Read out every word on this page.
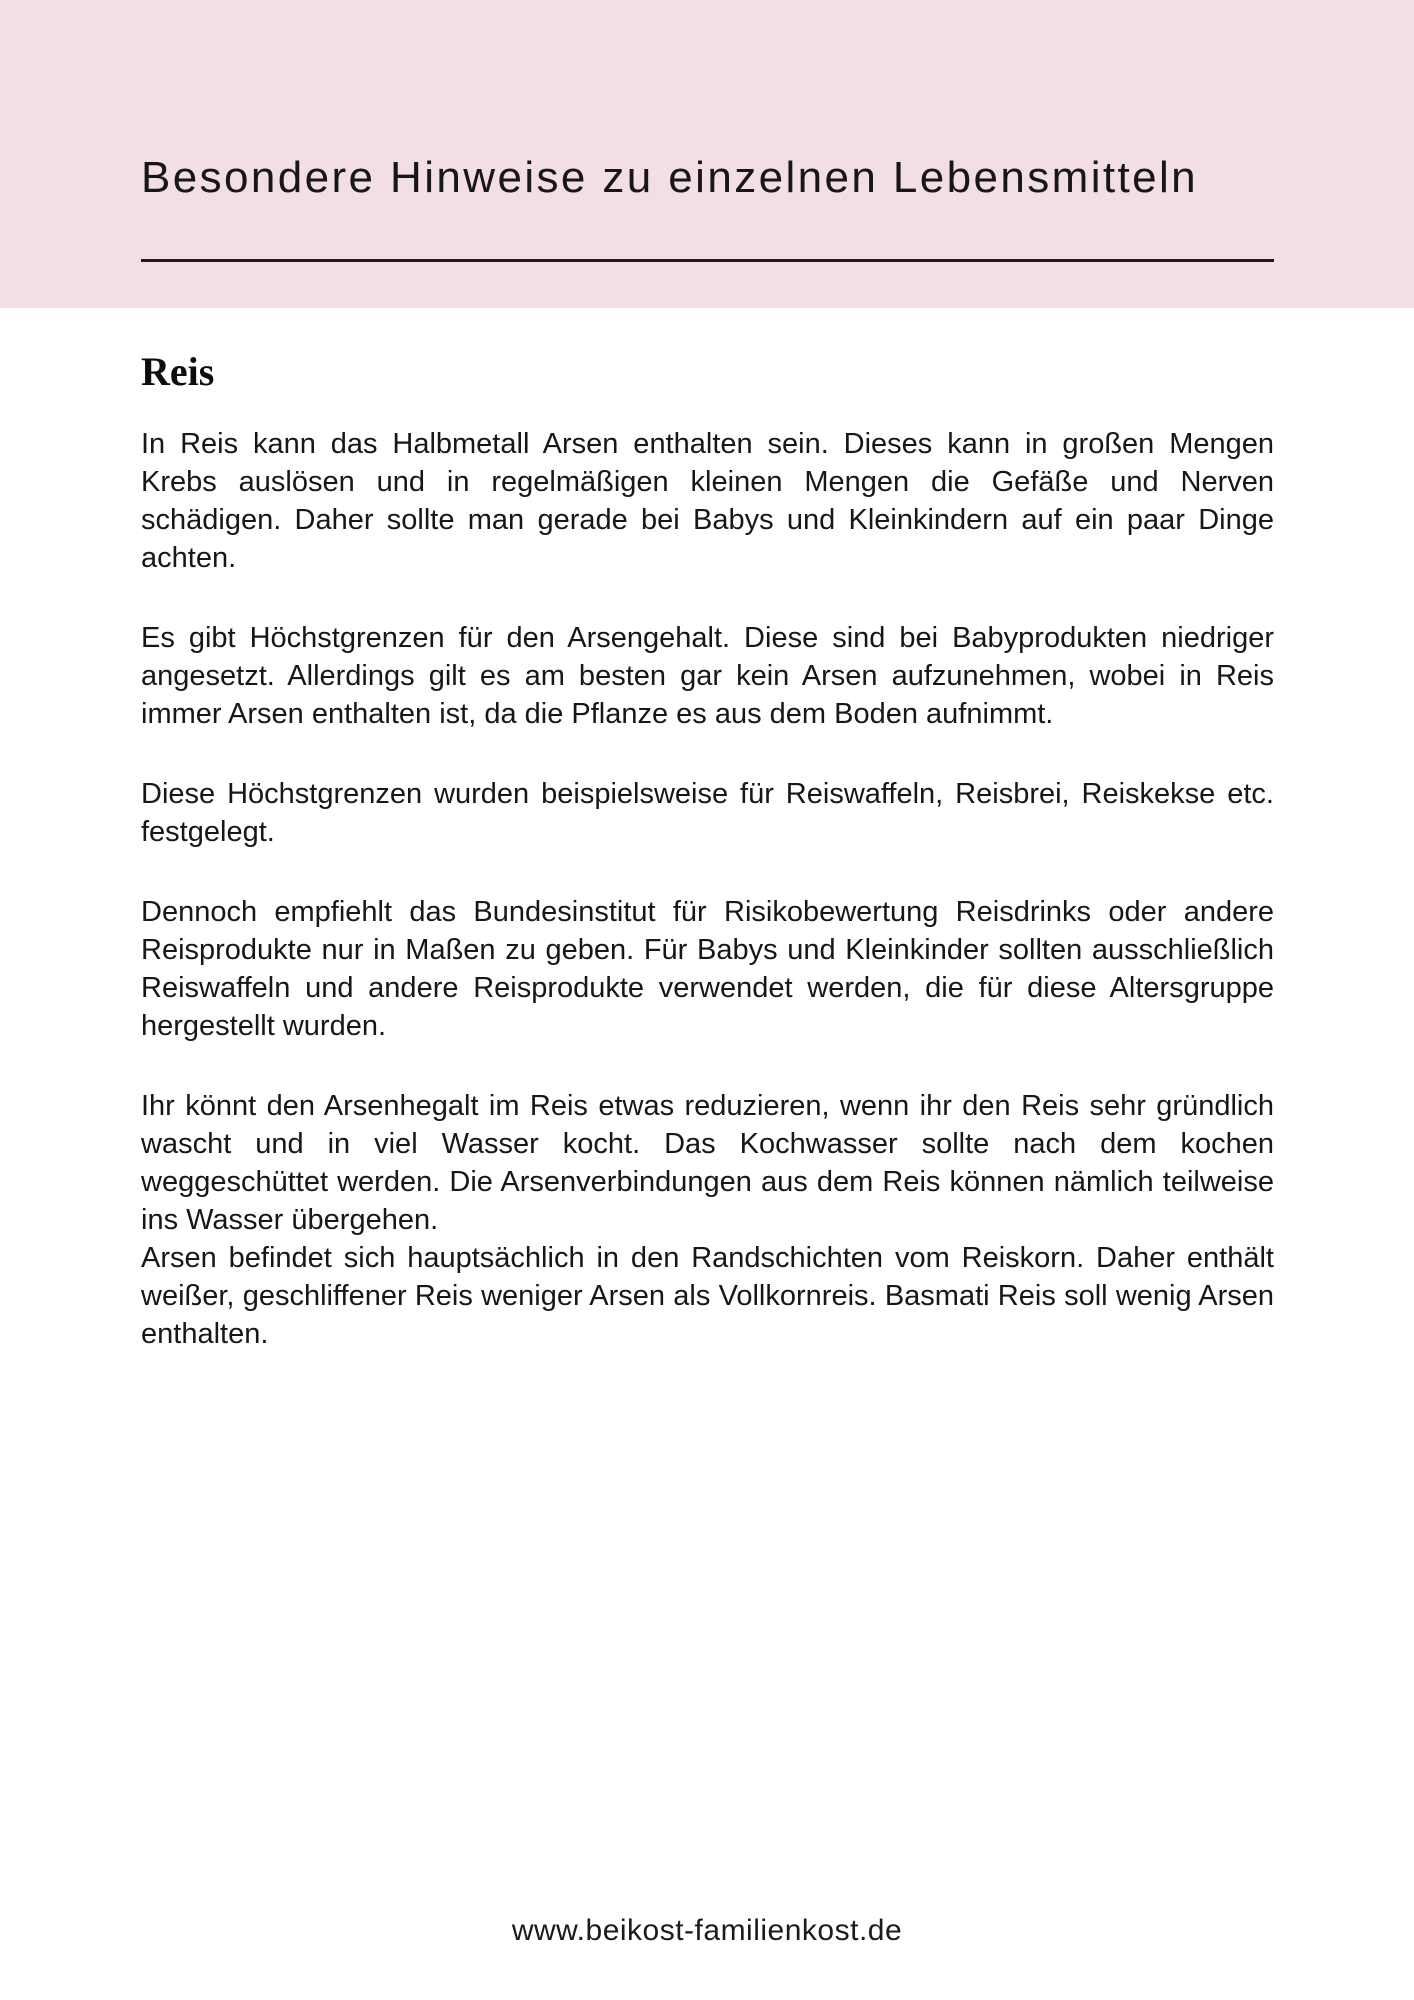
Besondere Hinweise zu einzelnen Lebensmitteln
Reis

In Reis kann das Halbmetall Arsen enthalten sein. Dieses kann in großen Mengen Krebs auslösen und in regelmäßigen kleinen Mengen die Gefäße und Nerven schädigen. Daher sollte man gerade bei Babys und Kleinkindern auf ein paar Dinge achten.

Es gibt Höchstgrenzen für den Arsengehalt. Diese sind bei Babyprodukten niedriger angesetzt. Allerdings gilt es am besten gar kein Arsen aufzunehmen, wobei in Reis immer Arsen enthalten ist, da die Pflanze es aus dem Boden aufnimmt.

Diese Höchstgrenzen wurden beispielsweise für Reiswaffeln, Reisbrei, Reiskekse etc. festgelegt.

Dennoch empfiehlt das Bundesinstitut für Risikobewertung Reisdrinks oder andere Reisprodukte nur in Maßen zu geben. Für Babys und Kleinkinder sollten ausschließlich Reiswaffeln und andere Reisprodukte verwendet werden, die für diese Altersgruppe hergestellt wurden.

Ihr könnt den Arsenhegalt im Reis etwas reduzieren, wenn ihr den Reis sehr gründlich wascht und in viel Wasser kocht. Das Kochwasser sollte nach dem kochen weggeschüttet werden. Die Arsenverbindungen aus dem Reis können nämlich teilweise ins Wasser übergehen.

Arsen befindet sich hauptsächlich in den Randschichten vom Reiskorn. Daher enthält weißer, geschliffener Reis weniger Arsen als Vollkornreis. Basmati Reis soll wenig Arsen enthalten.

www.beikost-familienkost.de
